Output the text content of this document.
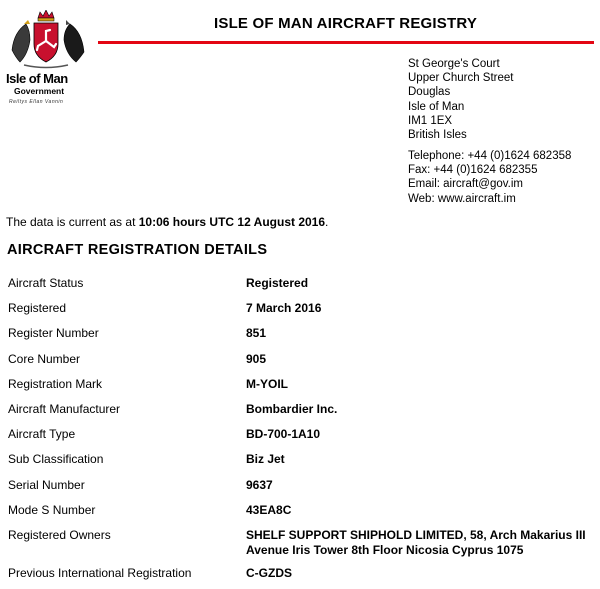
Isle of Man
Government
Reiltys Ellan Vannin
ISLE OF MAN AIRCRAFT REGISTRY
St George's Court
Upper Church Street
Douglas
Isle of Man
IM1 1EX
British Isles
Telephone: +44 (0)1624 682358
Fax: +44 (0)1624 682355
Email: aircraft@gov.im
Web: www.aircraft.im
The data is current as at 10:06 hours UTC 12 August 2016.
AIRCRAFT REGISTRATION DETAILS
Aircraft Status	Registered
Registered	7 March 2016
Register Number	851
Core Number	905
Registration Mark	M-YOIL
Aircraft Manufacturer	Bombardier Inc.
Aircraft Type	BD-700-1A10
Sub Classification	Biz Jet
Serial Number	9637
Mode S Number	43EA8C
Registered Owners	SHELF SUPPORT SHIPHOLD LIMITED, 58, Arch Makarius III Avenue Iris Tower 8th Floor Nicosia Cyprus 1075
Previous International Registration	C-GZDS
